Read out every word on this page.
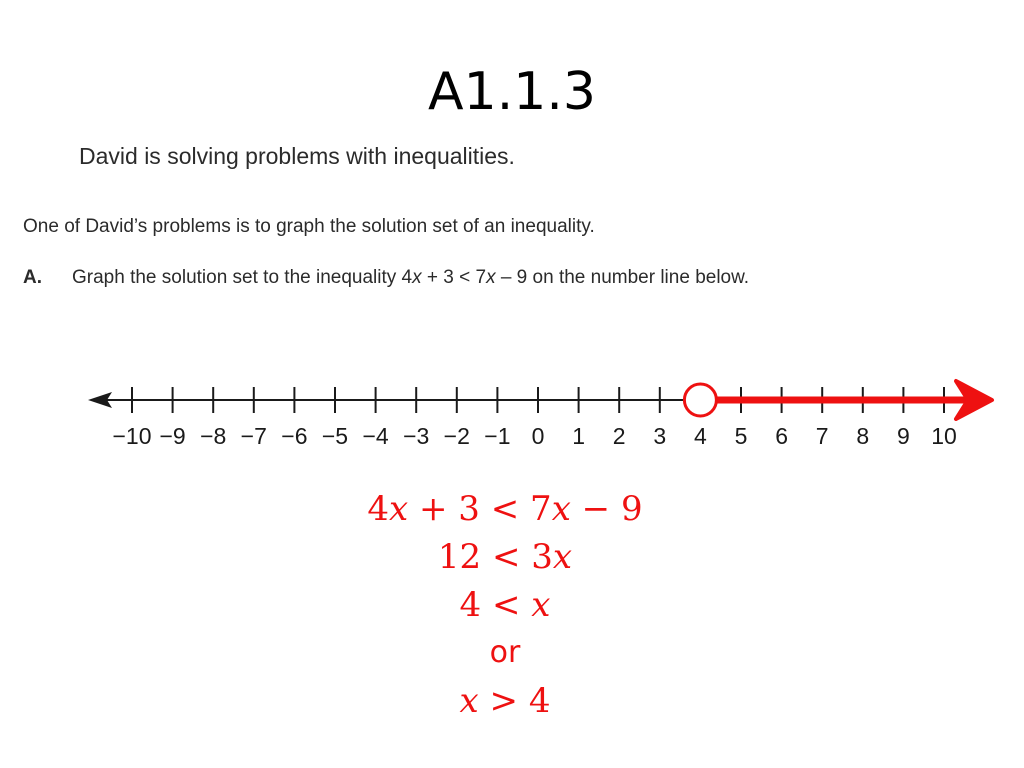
A1.1.3
David is solving problems with inequalities.
One of David’s problems is to graph the solution set of an inequality.
A. Graph the solution set to the inequality 4x + 3 < 7x – 9 on the number line below.
−10 −9 −8 −7 −6 −5 −4 −3 −2 −1 0 1 2 3 4 5 6 7 8 9 10
4x + 3 < 7x − 9
12 < 3x
4 < x
or
x > 4
